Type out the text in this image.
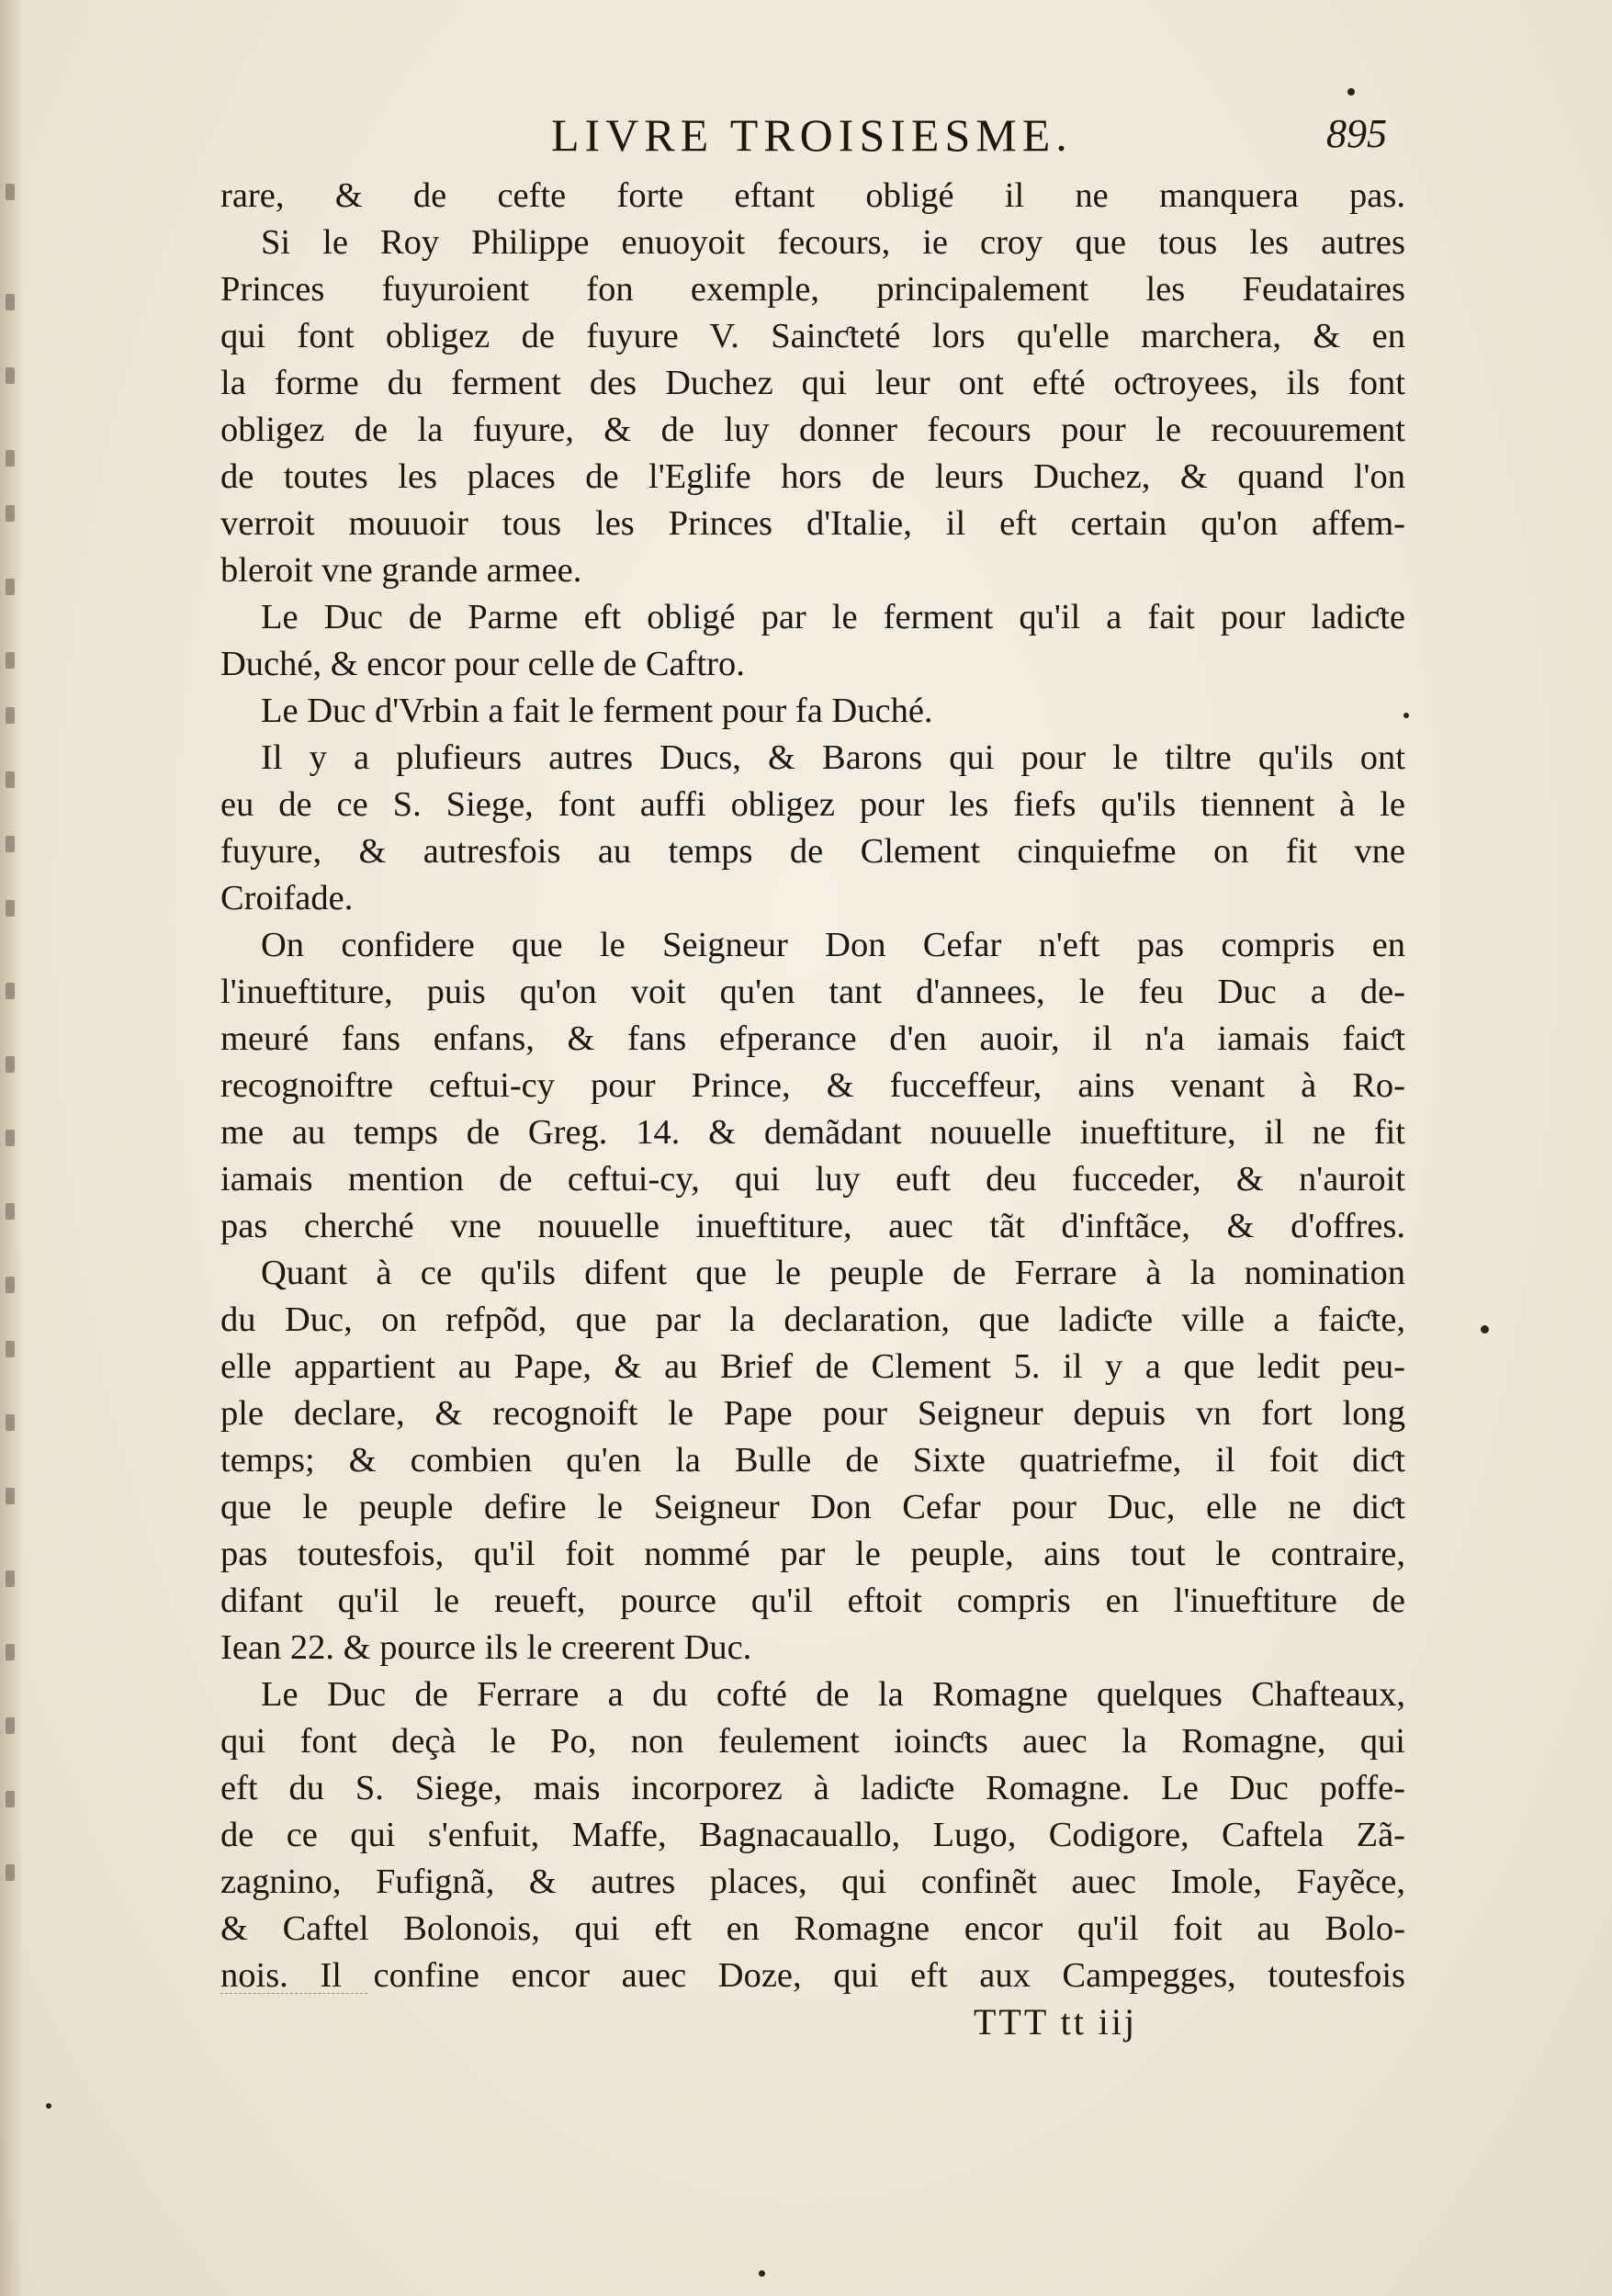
LIVRE TROISIESME.	895
rare, & de cefte forte eftant obligé il ne manquera pas.
Si le Roy Philippe enuoyoit fecours, ie croy que tous les autres
Princes fuyuroient fon exemple, principalement les Feudataires
qui font obligez de fuyure V. Sainƈteté lors qu'elle marchera, & en
la forme du ferment des Duchez qui leur ont efté oƈtroyees, ils font
obligez de la fuyure, & de luy donner fecours pour le recouurement
de toutes les places de l'Eglife hors de leurs Duchez, & quand l'on
verroit mouuoir tous les Princes d'Italie, il eft certain qu'on affem-
bleroit vne grande armee.
Le Duc de Parme eft obligé par le ferment qu'il a fait pour ladiƈte
Duché, & encor pour celle de Caftro.
Le Duc d'Vrbin a fait le ferment pour fa Duché.
Il y a plufieurs autres Ducs, & Barons qui pour le tiltre qu'ils ont
eu de ce S. Siege, font auffi obligez pour les fiefs qu'ils tiennent à le
fuyure, & autresfois au temps de Clement cinquiefme on fit vne
Croifade.
On confidere que le Seigneur Don Cefar n'eft pas compris en
l'inueftiture, puis qu'on voit qu'en tant d'annees, le feu Duc a de-
meuré fans enfans, & fans efperance d'en auoir, il n'a iamais faiƈt
recognoiftre ceftui-cy pour Prince, & fucceffeur, ains venant à Ro-
me au temps de Greg. 14. & demãdant nouuelle inueftiture, il ne fit
iamais mention de ceftui-cy, qui luy euft deu fucceder, & n'auroit
pas cherché vne nouuelle inueftiture, auec tãt d'inftãce, & d'offres.
Quant à ce qu'ils difent que le peuple de Ferrare à la nomination
du Duc, on refpõd, que par la declaration, que ladiƈte ville a faiƈte,
elle appartient au Pape, & au Brief de Clement 5. il y a que ledit peu-
ple declare, & recognoift le Pape pour Seigneur depuis vn fort long
temps; & combien qu'en la Bulle de Sixte quatriefme, il foit diƈt
que le peuple defire le Seigneur Don Cefar pour Duc, elle ne diƈt
pas toutesfois, qu'il foit nommé par le peuple, ains tout le contraire,
difant qu'il le reueft, pource qu'il eftoit compris en l'inueftiture de
Iean 22. & pource ils le creerent Duc.
Le Duc de Ferrare a du cofté de la Romagne quelques Chafteaux,
qui font deçà le Po, non feulement ioinƈts auec la Romagne, qui
eft du S. Siege, mais incorporez à ladiƈte Romagne. Le Duc poffe-
de ce qui s'enfuit, Maffe, Bagnacauallo, Lugo, Codigore, Caftela Zã-
zagnino, Fufignã, & autres places, qui confinẽt auec Imole, Fayẽce,
& Caftel Bolonois, qui eft en Romagne encor qu'il foit au Bolo-
nois. Il confine encor auec Doze, qui eft aux Campegges, toutesfois
TTT tt iij
